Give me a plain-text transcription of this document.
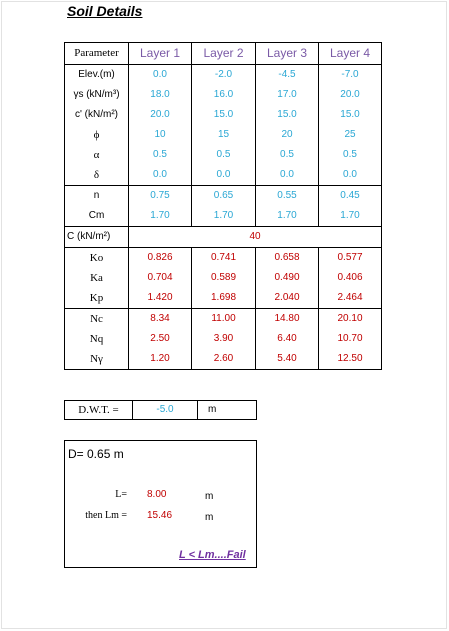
Soil Details
Parameter	Layer 1	Layer 2	Layer 3	Layer 4
Elev.(m)	0.0	-2.0	-4.5	-7.0
γs (kN/m³)	18.0	16.0	17.0	20.0
c' (kN/m²)	20.0	15.0	15.0	15.0
ϕ	10	15	20	25
α	0.5	0.5	0.5	0.5
δ	0.0	0.0	0.0	0.0
n	0.75	0.65	0.55	0.45
Cm	1.70	1.70	1.70	1.70
C (kN/m²)	40			
Ko	0.826	0.741	0.658	0.577
Ka	0.704	0.589	0.490	0.406
Kp	1.420	1.698	2.040	2.464
Nc	8.34	11.00	14.80	20.10
Nq	2.50	3.90	6.40	10.70
Nγ	1.20	2.60	5.40	12.50
D.W.T. =	-5.0	m
D= 0.65 m
L= 8.00	m
then Lm = 15.46	m
L < Lm....Fail
